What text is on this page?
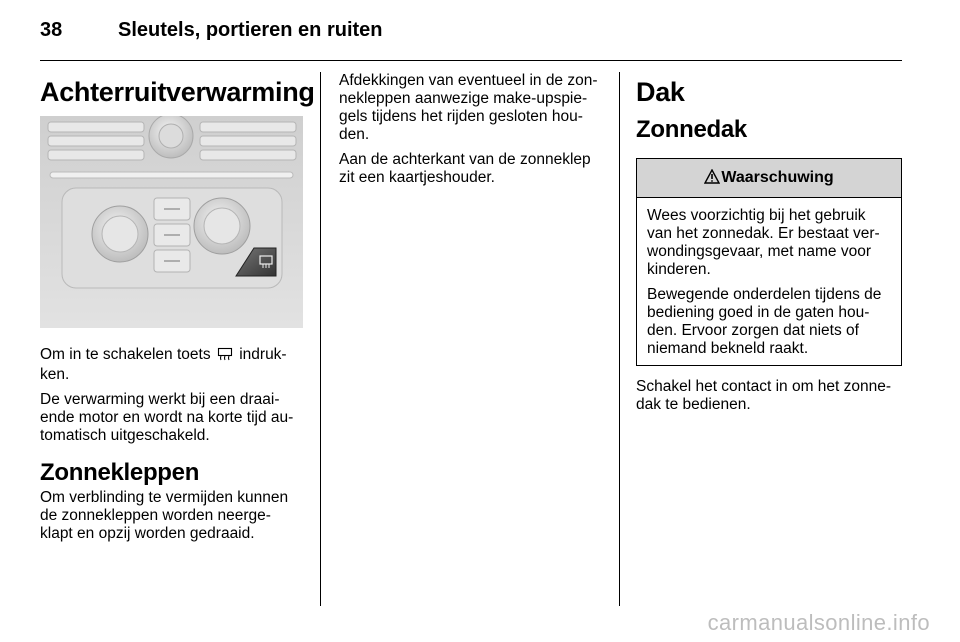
38	Sleutels, portieren en ruiten
Achterruitverwarming

Om in te schakelen toets indruk-ken.

De verwarming werkt bij een draai-ende motor en wordt na korte tijd au-tomatisch uitgeschakeld.

Zonnekleppen

Om verblinding te vermijden kunnen de zonnekleppen worden neerge-klapt en opzij worden gedraaid.

Afdekkingen van eventueel in de zon-nekleppen aanwezige make-upspie-gels tijdens het rijden gesloten hou-den.

Aan de achterkant van de zonneklep zit een kaartjeshouder.

Dak
Zonnedak
Waarschuwing

Wees voorzichtig bij het gebruik van het zonnedak. Er bestaat ver-wondingsgevaar, met name voor kinderen.

Bewegende onderdelen tijdens de bediening goed in de gaten hou-den. Ervoor zorgen dat niets of niemand bekneld raakt.

Schakel het contact in om het zonne-dak te bedienen.

carmanualsonline.info
